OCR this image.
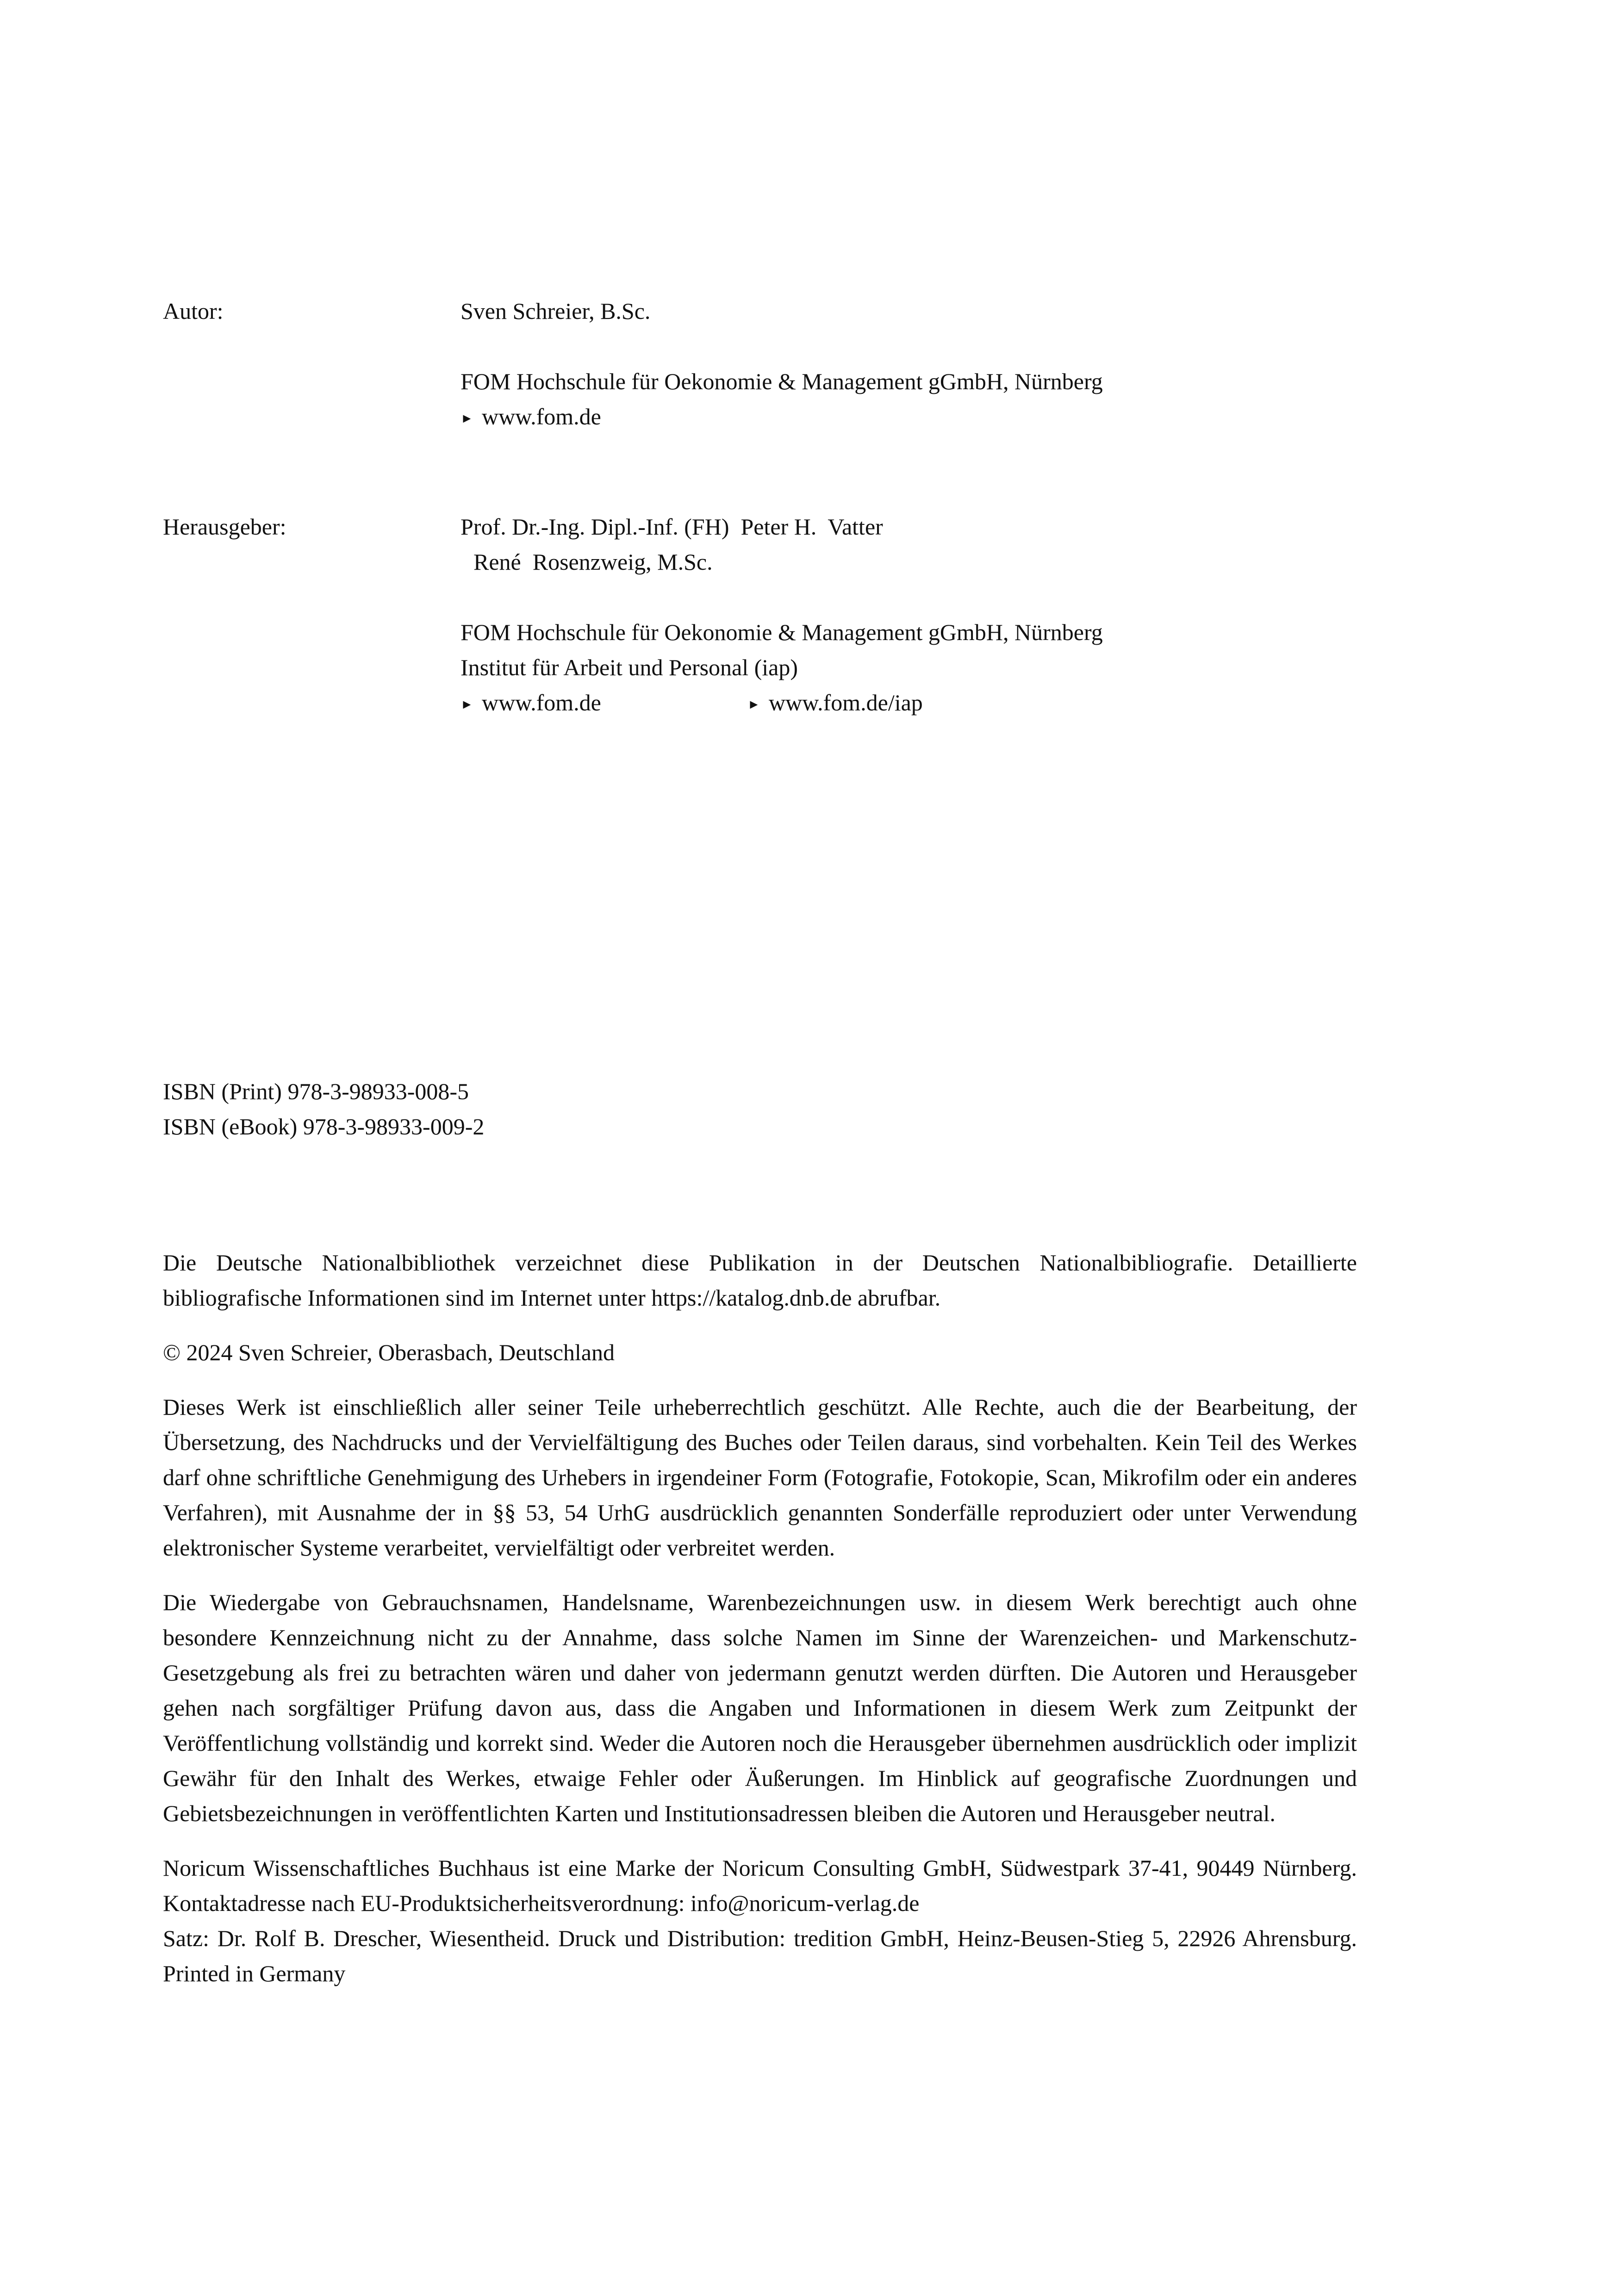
Autor:	Sven Schreier, B.Sc.
FOM Hochschule für Oekonomie & Management gGmbH, Nürnberg
► www.fom.de
Herausgeber:	Prof. Dr.-Ing. Dipl.-Inf. (FH)  Peter H.  Vatter
René  Rosenzweig, M.Sc.
FOM Hochschule für Oekonomie & Management gGmbH, Nürnberg
Institut für Arbeit und Personal (iap)
► www.fom.de	► www.fom.de/iap
ISBN (Print) 978-3-98933-008-5
ISBN (eBook) 978-3-98933-009-2

Die Deutsche Nationalbibliothek verzeichnet diese Publikation in der Deutschen Nationalbibliografie. Detaillierte bibliografische Informationen sind im Internet unter https://katalog.dnb.de abrufbar.

© 2024 Sven Schreier, Oberasbach, Deutschland

Dieses Werk ist einschließlich aller seiner Teile urheberrechtlich geschützt. Alle Rechte, auch die der Bearbeitung, der Übersetzung, des Nachdrucks und der Vervielfältigung des Buches oder Teilen daraus, sind vorbehalten. Kein Teil des Werkes darf ohne schriftliche Genehmigung des Urhebers in irgendeiner Form (Fotografie, Fotokopie, Scan, Mikrofilm oder ein anderes Verfahren), mit Ausnahme der in §§ 53, 54 UrhG ausdrücklich genannten Sonderfälle reproduziert oder unter Verwendung elektronischer Systeme verarbeitet, vervielfältigt oder verbreitet werden.

Die Wiedergabe von Gebrauchsnamen, Handelsname, Warenbezeichnungen usw. in diesem Werk berechtigt auch ohne besondere Kennzeichnung nicht zu der Annahme, dass solche Namen im Sinne der Warenzeichen- und Markenschutz-Gesetzgebung als frei zu betrachten wären und daher von jedermann genutzt werden dürften. Die Autoren und Herausgeber gehen nach sorgfältiger Prüfung davon aus, dass die Angaben und Informationen in diesem Werk zum Zeitpunkt der Veröffentlichung vollständig und korrekt sind. Weder die Autoren noch die Herausgeber übernehmen ausdrücklich oder implizit Gewähr für den Inhalt des Werkes, etwaige Fehler oder Äußerungen. Im Hinblick auf geografische Zuordnungen und Gebietsbezeichnungen in veröffentlichten Karten und Institutionsadressen bleiben die Autoren und Herausgeber neutral.

Noricum Wissenschaftliches Buchhaus ist eine Marke der Noricum Consulting GmbH, Südwestpark 37-41, 90449 Nürnberg. Kontaktadresse nach EU-Produktsicherheitsverordnung: info@noricum-verlag.de

Satz: Dr. Rolf B. Drescher, Wiesentheid. Druck und Distribution: tredition GmbH, Heinz-Beusen-Stieg 5, 22926 Ahrensburg. Printed in Germany
